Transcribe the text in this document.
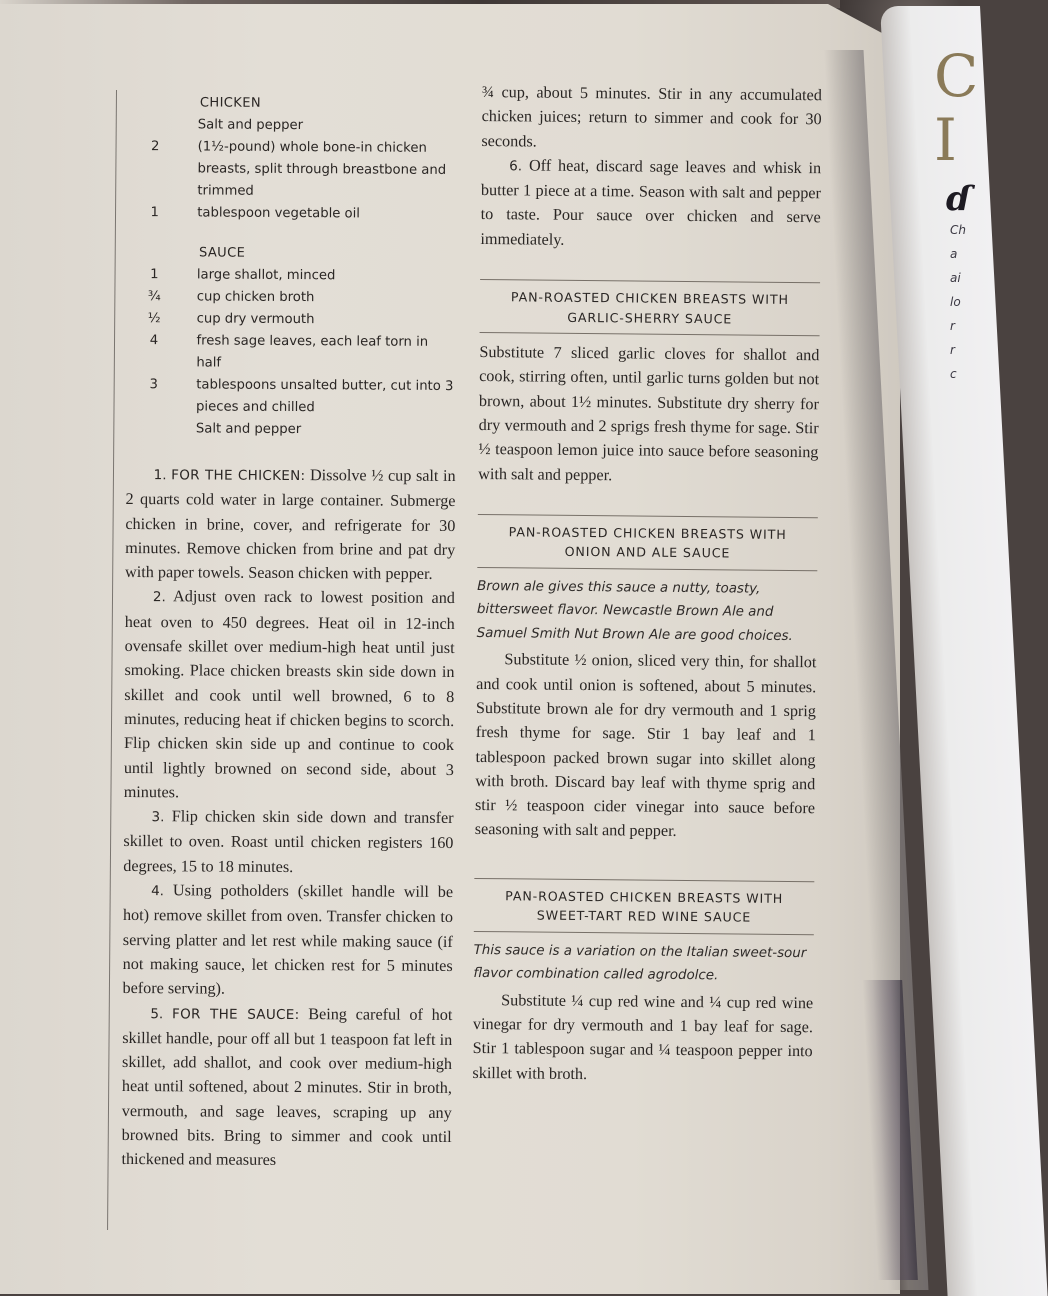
C
I
ɗ
Ch
a
ai
lo
r
r
c
CHICKEN
Salt and pepper
2	(1½-pound) whole bone-in chicken breasts, split through breastbone and trimmed
1	tablespoon vegetable oil
SAUCE
1	large shallot, minced
¾	cup chicken broth
½	cup dry vermouth
4	fresh sage leaves, each leaf torn in half
3	tablespoons unsalted butter, cut into 3 pieces and chilled
Salt and pepper

1. FOR THE CHICKEN: Dissolve ½ cup salt in 2 quarts cold water in large container. Submerge chicken in brine, cover, and refrigerate for 30 minutes. Remove chicken from brine and pat dry with paper towels. Season chicken with pepper.

2. Adjust oven rack to lowest position and heat oven to 450 degrees. Heat oil in 12-inch ovensafe skillet over medium-high heat until just smoking. Place chicken breasts skin side down in skillet and cook until well browned, 6 to 8 minutes, reducing heat if chicken begins to scorch. Flip chicken skin side up and continue to cook until lightly browned on second side, about 3 minutes.

3. Flip chicken skin side down and transfer skillet to oven. Roast until chicken registers 160 degrees, 15 to 18 minutes.

4. Using potholders (skillet handle will be hot) remove skillet from oven. Transfer chicken to serving platter and let rest while making sauce (if not making sauce, let chicken rest for 5 minutes before serving).

5. FOR THE SAUCE: Being careful of hot skillet handle, pour off all but 1 teaspoon fat left in skillet, add shallot, and cook over medium-high heat until softened, about 2 minutes. Stir in broth, vermouth, and sage leaves, scraping up any browned bits. Bring to simmer and cook until thickened and measures

¾ cup, about 5 minutes. Stir in any accumulated chicken juices; return to simmer and cook for 30 seconds.

6. Off heat, discard sage leaves and whisk in butter 1 piece at a time. Season with salt and pepper to taste. Pour sauce over chicken and serve immediately.

PAN-ROASTED CHICKEN BREASTS WITH
GARLIC-SHERRY SAUCE
Substitute 7 sliced garlic cloves for shallot and cook, stirring often, until garlic turns golden but not brown, about 1½ minutes. Substitute dry sherry for dry vermouth and 2 sprigs fresh thyme for sage. Stir ½ teaspoon lemon juice into sauce before seasoning with salt and pepper.
PAN-ROASTED CHICKEN BREASTS WITH
ONION AND ALE SAUCE
Brown ale gives this sauce a nutty, toasty, bittersweet flavor. Newcastle Brown Ale and Samuel Smith Nut Brown Ale are good choices.
Substitute ½ onion, sliced very thin, for shallot and cook until onion is softened, about 5 minutes. Substitute brown ale for dry vermouth and 1 sprig fresh thyme for sage. Stir 1 bay leaf and 1 tablespoon packed brown sugar into skillet along with broth. Discard bay leaf with thyme sprig and stir ½ teaspoon cider vinegar into sauce before seasoning with salt and pepper.
PAN-ROASTED CHICKEN BREASTS WITH
SWEET-TART RED WINE SAUCE
This sauce is a variation on the Italian sweet-sour flavor combination called agrodolce.
Substitute ¼ cup red wine and ¼ cup red wine vinegar for dry vermouth and 1 bay leaf for sage. Stir 1 tablespoon sugar and ¼ teaspoon pepper into skillet with broth.
